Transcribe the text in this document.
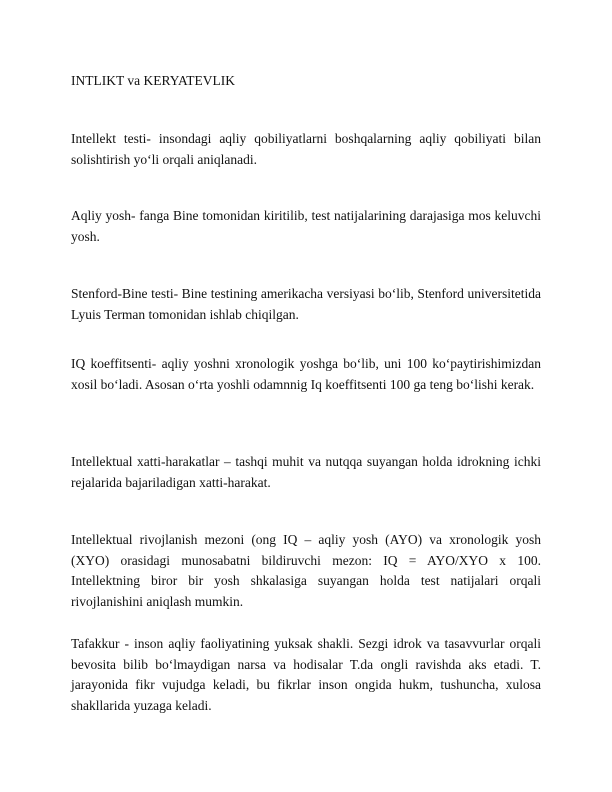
INTLIKT va KERYATEVLIK

Intellekt testi- insondagi aqliy qobiliyatlarni boshqalarning aqliy qobiliyati bilan solishtirish yo‘li orqali aniqlanadi.

Aqliy yosh- fanga Bine tomonidan kiritilib, test natijalarining darajasiga mos keluvchi yosh.

Stenford-Bine testi- Bine testining amerikacha versiyasi bo‘lib, Stenford universitetida Lyuis Terman tomonidan ishlab chiqilgan.

IQ koeffitsenti- aqliy yoshni xronologik yoshga bo‘lib, uni 100 ko‘paytirishimizdan xosil bo‘ladi. Asosan o‘rta yoshli odamnnig Iq koeffitsenti 100 ga teng bo‘lishi kerak.

Intellektual xatti-harakatlar – tashqi muhit va nutqqa suyangan holda idrokning ichki rejalarida bajariladigan xatti-harakat.

Intellektual rivojlanish mezoni (ong IQ – aqliy yosh (AYO) va xronologik yosh (XYO) orasidagi munosabatni bildiruvchi mezon: IQ = AYO/XYO x 100. Intellektning biror bir yosh shkalasiga suyangan holda test natijalari orqali rivojlanishini aniqlash mumkin.

Tafakkur - inson aqliy faoliyatining yuksak shakli. Sezgi idrok va tasavvurlar orqali bevosita bilib bo‘lmaydigan narsa va hodisalar T.da ongli ravishda aks etadi. T. jarayonida fikr vujudga keladi, bu fikrlar inson ongida hukm, tushuncha, xulosa shakllarida yuzaga keladi.
